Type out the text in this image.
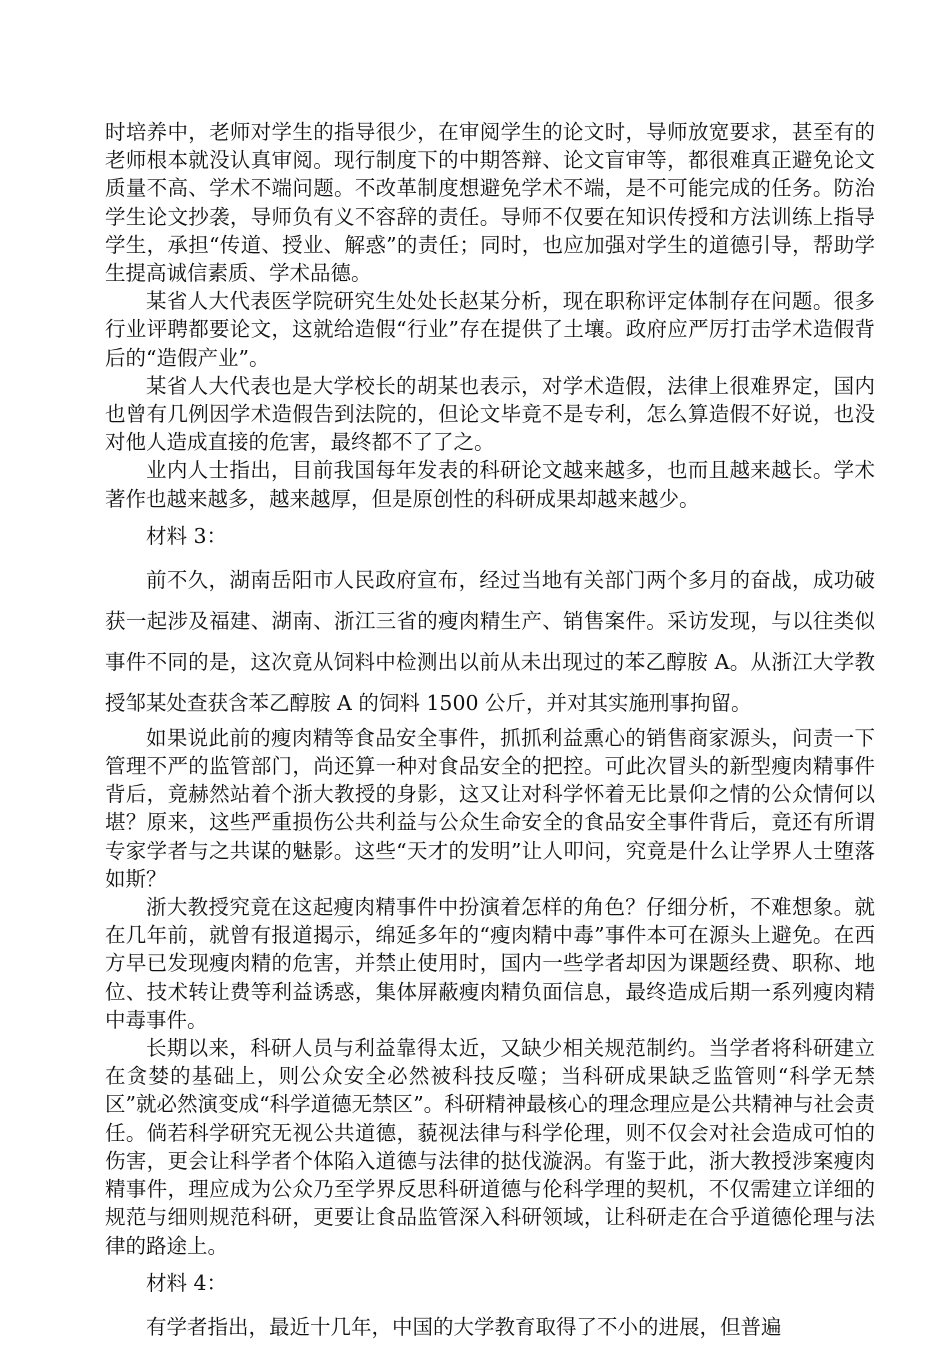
时培养中，老师对学生的指导很少，在审阅学生的论文时，导师放宽要求，甚至有的老师根本就没认真审阅。现行制度下的中期答辩、论文盲审等，都很难真正避免论文质量不高、学术不端问题。不改革制度想避免学术不端，是不可能完成的任务。防治学生论文抄袭，导师负有义不容辞的责任。导师不仅要在知识传授和方法训练上指导学生，承担“传道、授业、解惑”的责任；同时，也应加强对学生的道德引导，帮助学生提高诚信素质、学术品德。

某省人大代表医学院研究生处处长赵某分析，现在职称评定体制存在问题。很多行业评聘都要论文，这就给造假“行业”存在提供了土壤。政府应严厉打击学术造假背后的“造假产业”。

某省人大代表也是大学校长的胡某也表示，对学术造假，法律上很难界定，国内也曾有几例因学术造假告到法院的，但论文毕竟不是专利，怎么算造假不好说，也没对他人造成直接的危害，最终都不了了之。

业内人士指出，目前我国每年发表的科研论文越来越多，也而且越来越长。学术著作也越来越多，越来越厚，但是原创性的科研成果却越来越少。

材料 3：

前不久，湖南岳阳市人民政府宣布，经过当地有关部门两个多月的奋战，成功破获一起涉及福建、湖南、浙江三省的瘦肉精生产、销售案件。采访发现，与以往类似事件不同的是，这次竟从饲料中检测出以前从未出现过的苯乙醇胺 A。从浙江大学教授邹某处查获含苯乙醇胺 A 的饲料 1500 公斤，并对其实施刑事拘留。

如果说此前的瘦肉精等食品安全事件，抓抓利益熏心的销售商家源头，问责一下管理不严的监管部门，尚还算一种对食品安全的把控。可此次冒头的新型瘦肉精事件背后，竟赫然站着个浙大教授的身影，这又让对科学怀着无比景仰之情的公众情何以堪？原来，这些严重损伤公共利益与公众生命安全的食品安全事件背后，竟还有所谓专家学者与之共谋的魅影。这些“天才的发明”让人叩问，究竟是什么让学界人士堕落如斯？

浙大教授究竟在这起瘦肉精事件中扮演着怎样的角色？仔细分析，不难想象。就在几年前，就曾有报道揭示，绵延多年的“瘦肉精中毒”事件本可在源头上避免。在西方早已发现瘦肉精的危害，并禁止使用时，国内一些学者却因为课题经费、职称、地位、技术转让费等利益诱惑，集体屏蔽瘦肉精负面信息，最终造成后期一系列瘦肉精中毒事件。

长期以来，科研人员与利益靠得太近，又缺少相关规范制约。当学者将科研建立在贪婪的基础上，则公众安全必然被科技反噬；当科研成果缺乏监管则“科学无禁区”就必然演变成“科学道德无禁区”。科研精神最核心的理念理应是公共精神与社会责任。倘若科学研究无视公共道德，藐视法律与科学伦理，则不仅会对社会造成可怕的伤害，更会让科学者个体陷入道德与法律的挞伐漩涡。有鉴于此，浙大教授涉案瘦肉精事件，理应成为公众乃至学界反思科研道德与伦科学理的契机，不仅需建立详细的规范与细则规范科研，更要让食品监管深入科研领域，让科研走在合乎道德伦理与法律的路途上。

材料 4：

有学者指出，最近十几年，中国的大学教育取得了不小的进展，但普遍
